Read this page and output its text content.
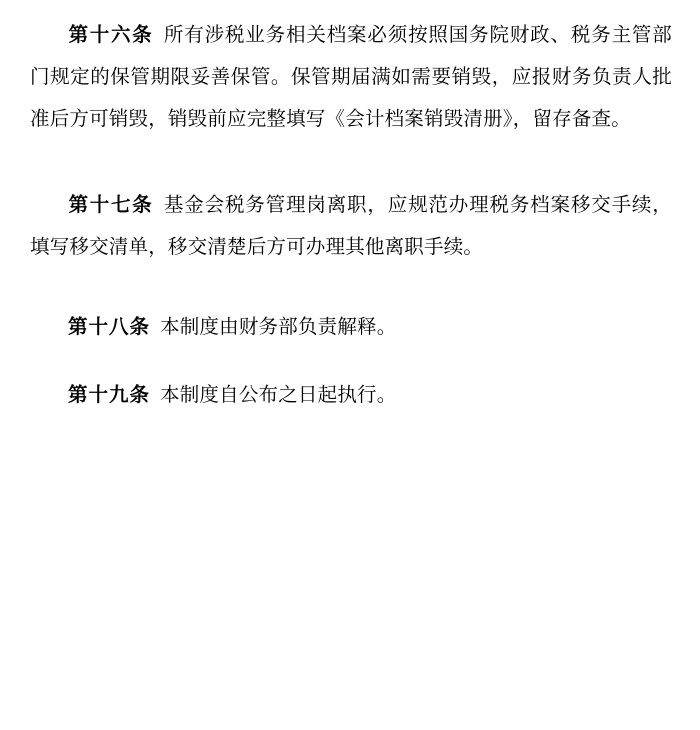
第十六条 所有涉税业务相关档案必须按照国务院财政、税务主管部门规定的保管期限妥善保管。保管期届满如需要销毁，应报财务负责人批准后方可销毁，销毁前应完整填写《会计档案销毁清册》，留存备查。

第十七条 基金会税务管理岗离职，应规范办理税务档案移交手续， 填写移交清单，移交清楚后方可办理其他离职手续。

第十八条 本制度由财务部负责解释。

第十九条 本制度自公布之日起执行。
